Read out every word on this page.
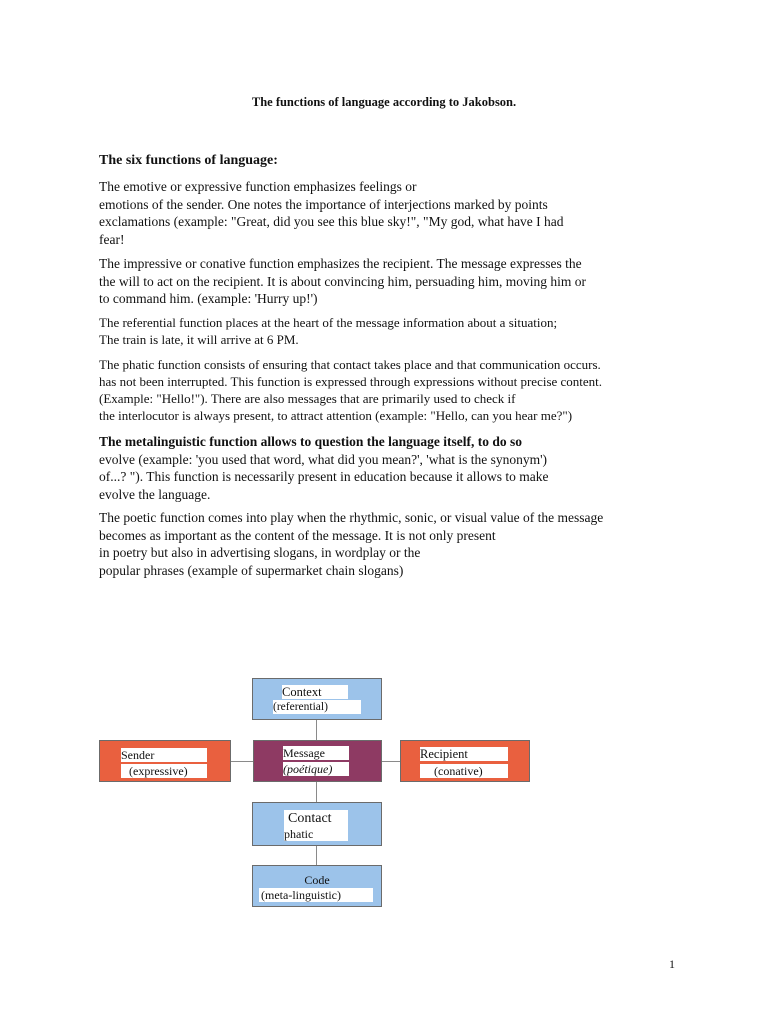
The functions of language according to Jakobson.
The six functions of language:
The emotive or expressive function emphasizes feelings or
emotions of the sender. One notes the importance of interjections marked by points
exclamations (example: "Great, did you see this blue sky!", "My god, what have I had
fear!
The impressive or conative function emphasizes the recipient. The message expresses the
the will to act on the recipient. It is about convincing him, persuading him, moving him or
to command him. (example: 'Hurry up!')
The referential function places at the heart of the message information about a situation;
The train is late, it will arrive at 6 PM.
The phatic function consists of ensuring that contact takes place and that communication occurs.
has not been interrupted. This function is expressed through expressions without precise content.
(Example: "Hello!"). There are also messages that are primarily used to check if
the interlocutor is always present, to attract attention (example: "Hello, can you hear me?")
The metalinguistic function allows to question the language itself, to do so
evolve (example: 'you used that word, what did you mean?', 'what is the synonym')
of...? "). This function is necessarily present in education because it allows to make
evolve the language.
The poetic function comes into play when the rhythmic, sonic, or visual value of the message
becomes as important as the content of the message. It is not only present
in poetry but also in advertising slogans, in wordplay or the
popular phrases (example of supermarket chain slogans)
Context
(referential)
Sender
(expressive)
Message
(poétique)
Recipient
(conative)
Contact
phatic
Code
(meta-linguistic)
1
